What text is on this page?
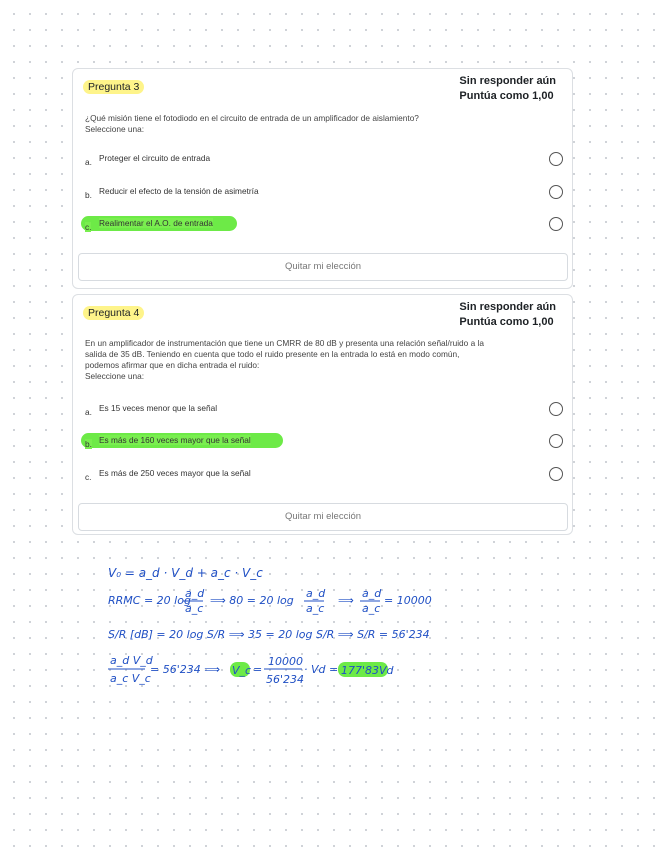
Pregunta 3	Sin responder aún
Puntúa como 1,00
¿Qué misión tiene el fotodiodo en el circuito de entrada de un amplificador de aislamiento?
Seleccione una:
a. Proteger el circuito de entrada
b. Reducir el efecto de la tensión de asimetría
c. Realimentar el A.O. de entrada
Quitar mi elección
Pregunta 4	Sin responder aún
Puntúa como 1,00
En un amplificador de instrumentación que tiene un CMRR de 80 dB y presenta una relación señal/ruido a la
salida de 35 dB. Teniendo en cuenta que todo el ruido presente en la entrada lo está en modo común,
podemos afirmar que en dicha entrada el ruido:
Seleccione una:
a. Es 15 veces menor que la señal
b. Es más de 160 veces mayor que la señal
c. Es más de 250 veces mayor que la señal
Quitar mi elección
V₀ = a_d · V_d + a_c · V_c
RRMC = 20 log
a_d
a_c
⟹ 80 = 20 log
a_d
a_c
⟹
a_d
a_c
= 10000
S/R [dB] = 20 log S/R ⟹ 35 = 20 log S/R ⟹ S/R = 56'234
a_d V_d
a_c V_c
= 56'234 ⟹ V_c =
10000
56'234
· Vd = 177'83Vd
